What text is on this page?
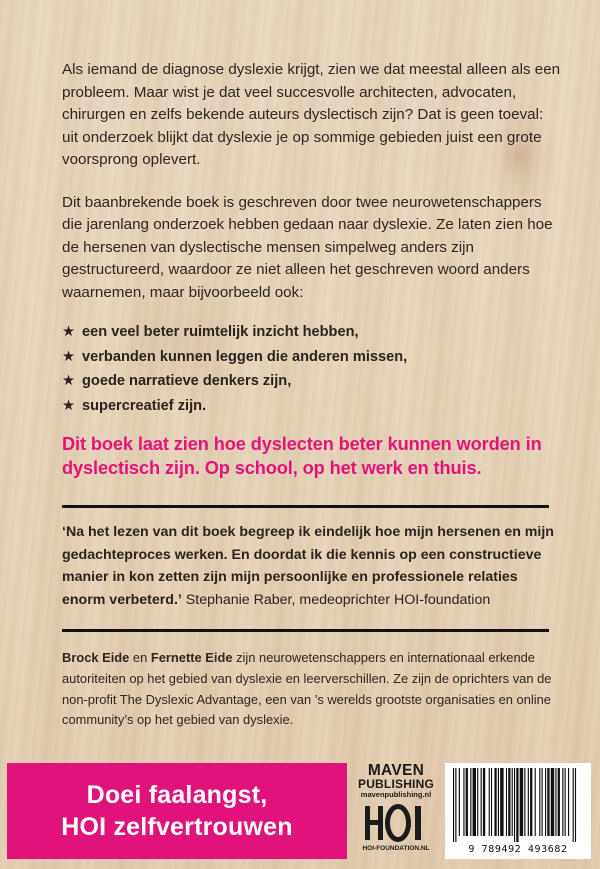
Als iemand de diagnose dyslexie krijgt, zien we dat meestal alleen als een probleem. Maar wist je dat veel succesvolle architecten, advocaten, chirurgen en zelfs bekende auteurs dyslectisch zijn? Dat is geen toeval: uit onderzoek blijkt dat dyslexie je op sommige gebieden juist een grote voorsprong oplevert.

Dit baanbrekende boek is geschreven door twee neurowetenschappers die jarenlang onderzoek hebben gedaan naar dyslexie. Ze laten zien hoe de hersenen van dyslectische mensen simpelweg anders zijn gestructureerd, waardoor ze niet alleen het geschreven woord anders waarnemen, maar bijvoorbeeld ook:

★ een veel beter ruimtelijk inzicht hebben,
★ verbanden kunnen leggen die anderen missen,
★ goede narratieve denkers zijn,
★ supercreatief zijn.

Dit boek laat zien hoe dyslecten beter kunnen worden in dyslectisch zijn. Op school, op het werk en thuis.

‘Na het lezen van dit boek begreep ik eindelijk hoe mijn hersenen en mijn gedachteproces werken. En doordat ik die kennis op een constructieve manier in kon zetten zijn mijn persoonlijke en professionele relaties enorm verbeterd.’ Stephanie Raber, medeoprichter HOI-foundation

Brock Eide en Fernette Eide zijn neurowetenschappers en internationaal erkende autoriteiten op het gebied van dyslexie en leerverschillen. Ze zijn de oprichters van de non-profit The Dyslexic Advantage, een van ’s werelds grootste organisaties en online community’s op het gebied van dyslexie.

Doei faalangst,
HOI zelfvertrouwen
MAVEN
PUBLISHING
mavenpublishing.nl
HOI-FOUNDATION.NL	9 789492 493682
